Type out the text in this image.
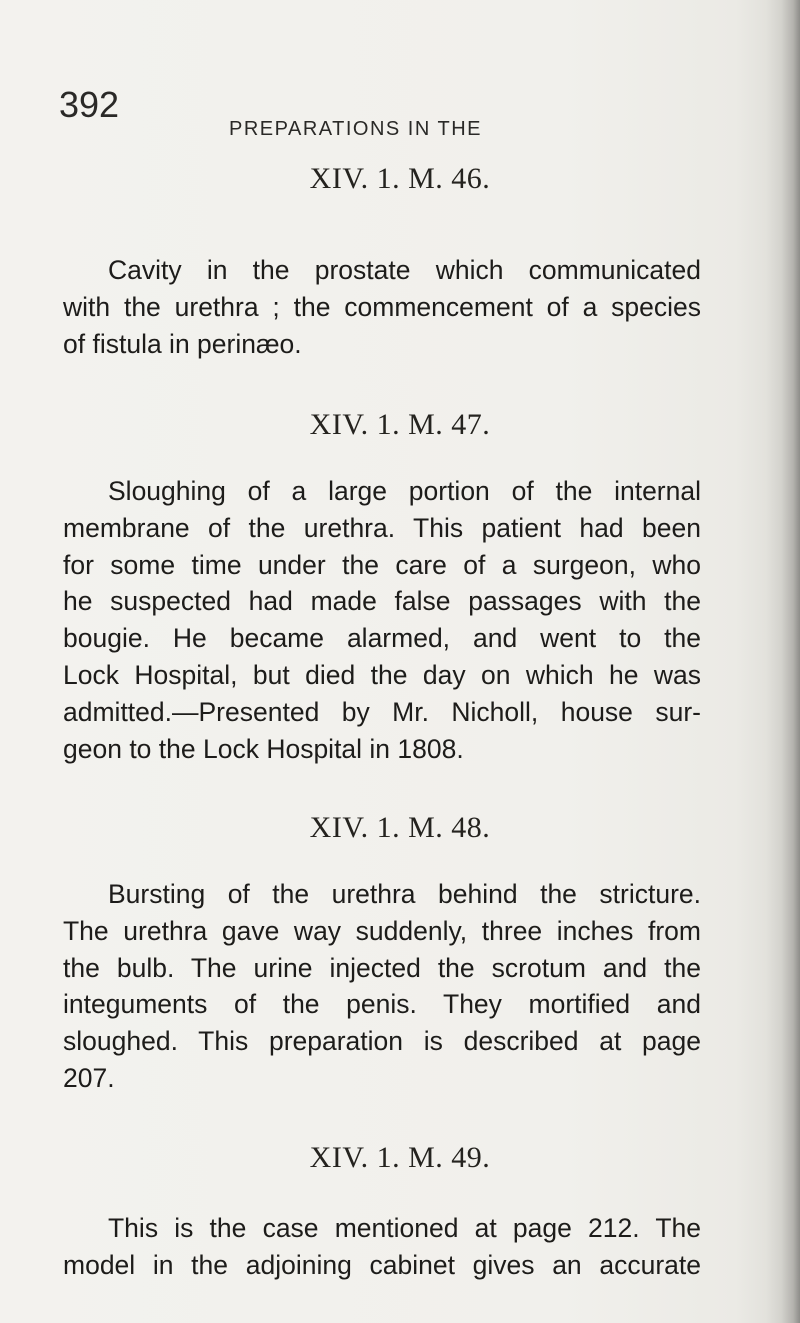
392
PREPARATIONS IN THE
XIV. 1. M. 46.
Cavity in the prostate which communicated
with the urethra ; the commencement of a species
of fistula in perinæo.
XIV. 1. M. 47.
Sloughing of a large portion of the internal
membrane of the urethra. This patient had been
for some time under the care of a surgeon, who
he suspected had made false passages with the
bougie. He became alarmed, and went to the
Lock Hospital, but died the day on which he was
admitted.—Presented by Mr. Nicholl, house sur-
geon to the Lock Hospital in 1808.
XIV. 1. M. 48.
Bursting of the urethra behind the stricture.
The urethra gave way suddenly, three inches from
the bulb. The urine injected the scrotum and the
integuments of the penis. They mortified and
sloughed. This preparation is described at page
207.
XIV. 1. M. 49.
This is the case mentioned at page 212. The
model in the adjoining cabinet gives an accurate
